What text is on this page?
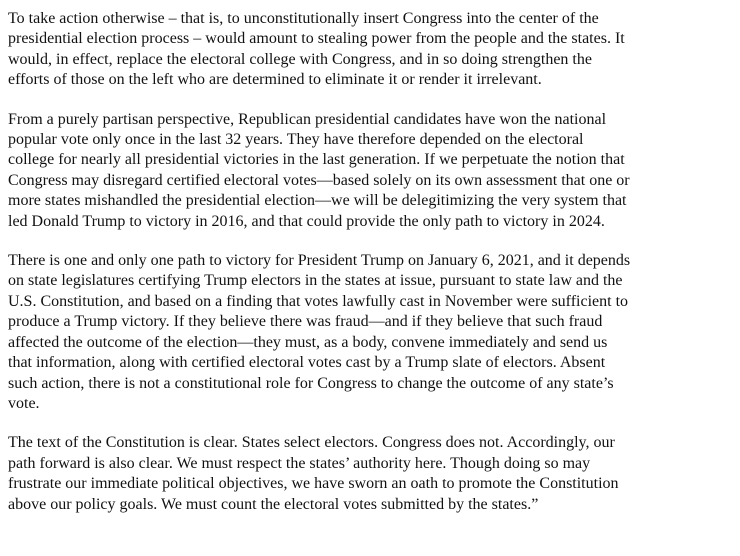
To take action otherwise – that is, to unconstitutionally insert Congress into the center of the
presidential election process – would amount to stealing power from the people and the states. It
would, in effect, replace the electoral college with Congress, and in so doing strengthen the
efforts of those on the left who are determined to eliminate it or render it irrelevant.

From a purely partisan perspective, Republican presidential candidates have won the national
popular vote only once in the last 32 years. They have therefore depended on the electoral
college for nearly all presidential victories in the last generation. If we perpetuate the notion that
Congress may disregard certified electoral votes—based solely on its own assessment that one or
more states mishandled the presidential election—we will be delegitimizing the very system that
led Donald Trump to victory in 2016, and that could provide the only path to victory in 2024.

There is one and only one path to victory for President Trump on January 6, 2021, and it depends
on state legislatures certifying Trump electors in the states at issue, pursuant to state law and the
U.S. Constitution, and based on a finding that votes lawfully cast in November were sufficient to
produce a Trump victory. If they believe there was fraud—and if they believe that such fraud
affected the outcome of the election—they must, as a body, convene immediately and send us
that information, along with certified electoral votes cast by a Trump slate of electors. Absent
such action, there is not a constitutional role for Congress to change the outcome of any state’s
vote.

The text of the Constitution is clear. States select electors. Congress does not. Accordingly, our
path forward is also clear. We must respect the states’ authority here. Though doing so may
frustrate our immediate political objectives, we have sworn an oath to promote the Constitution
above our policy goals. We must count the electoral votes submitted by the states.”
